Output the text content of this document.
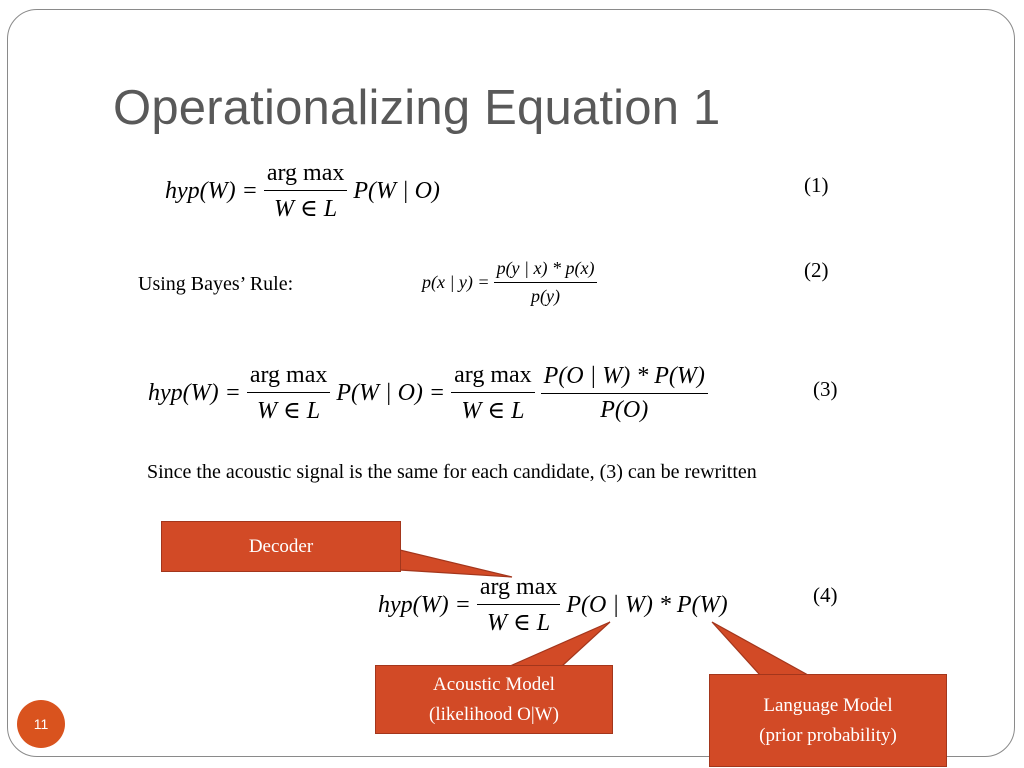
Operationalizing Equation 1
$hyp(W) = \frac{\text{arg max}}{W \in L} P(W$ | O)	(1)
Using Bayes’ Rule:	p(x | $y) = \frac{p(y | x) * p(x)}{p(y)}$	(2)
$hyp(W) = \frac{\text{arg max}}{W \in L} P(W$ | $O) = \frac{\text{arg max}}{W \in L} \frac{P(O | W) * P(W)}{P(O)}$	(3)
Since the acoustic signal is the same for each candidate, (3) can be rewritten
$hyp(W) = \frac{\text{arg max}}{W \in L} P(O$ | W) * P(W)	(4)
Decoder
Acoustic Model
(likelihood O|W)	Language Model
(prior probability)
11
